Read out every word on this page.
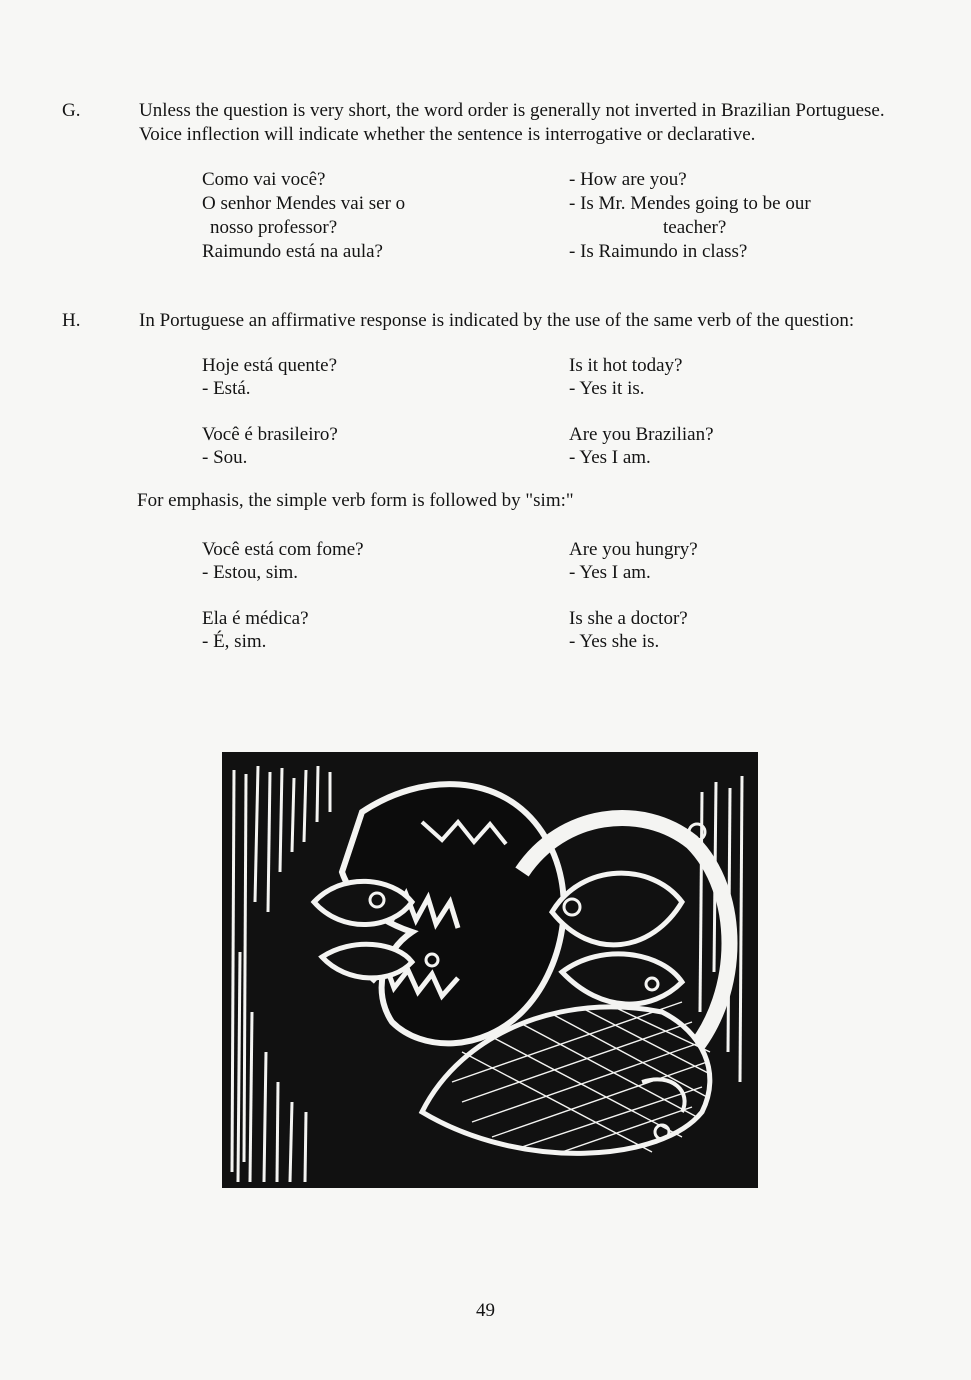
G.	Unless the question is very short, the word order is generally not inverted in Brazilian Portuguese. Voice inflection will indicate whether the sentence is interrogative or declarative.
Como vai você?
O senhor Mendes vai ser o
nosso professor?
Raimundo está na aula?
- How are you?
- Is Mr. Mendes going to be our
teacher?
- Is Raimundo in class?
H.	In Portuguese an affirmative response is indicated by the use of the same verb of the question:
Hoje está quente?
- Está.
Is it hot today?
- Yes it is.
Você é brasileiro?
- Sou.
Are you Brazilian?
- Yes I am.
For emphasis, the simple verb form is followed by "sim:"
Você está com fome?
- Estou, sim.
Are you hungry?
- Yes I am.
Ela é médica?
- É, sim.
Is she a doctor?
- Yes she is.
49
